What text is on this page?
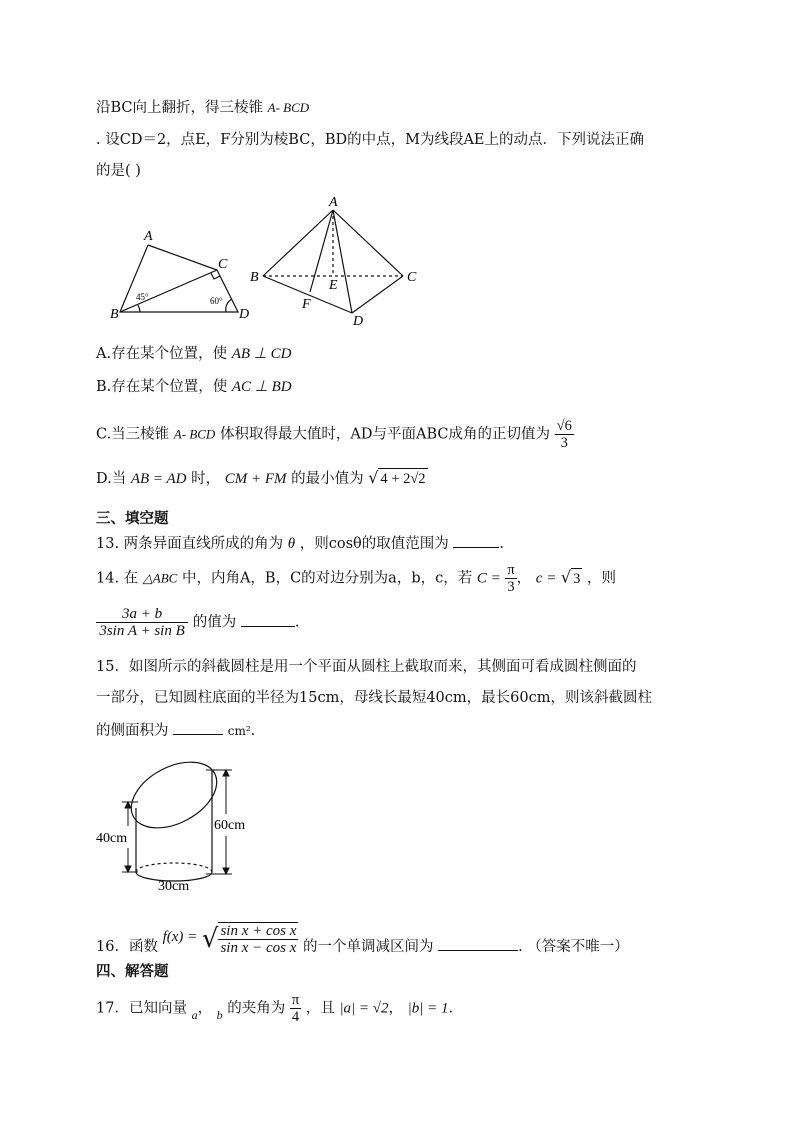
沿BC向上翻折，得三棱锥 A- BCD
. 设CD＝2，点E，F分别为棱BC，BD的中点，M为线段AE上的动点．下列说法正确
的是( )
A
B
C
D
45°	60°
A
B	C
D
E
F
A.存在某个位置，使 AB ⊥ CD
B.存在某个位置，使 AC ⊥ BD
C.当三棱锥 A- BCD 体积取得最大值时，AD与平面ABC成角的正切值为 $\frac{√6}{3}$
D.当 AB = AD 时， CM + FM 的最小值为 √ 4 + 2√2
三、填空题
13. 两条异面直线所成的角为 θ ，则cosθ的取值范围为	.
14. 在 △ABC 中，内角A，B，C的对边分别为a，b，c，若 $C = \frac{\pi}{3}$ ， c = √ 3 ，则
$\frac{3a + b}{\text{3sin A + sin B}}$ 的值为	.
15．如图所示的斜截圆柱是用一个平面从圆柱上截取而来，其侧面可看成圆柱侧面的
一部分，已知圆柱底面的半径为15cm，母线长最短40cm，最长60cm，则该斜截圆柱
的侧面积为	cm².
40cm
60cm
30cm
16．函数 f(x) = √ $\frac{\text{sin x + cos x}}{\text{sin x − cos x}}$ 的一个单调减区间为	. （答案不唯一）
四、解答题
17．已知向量 $_a$， $_b$ 的夹角为 $\frac{\pi}{4}$ ，且 |a| = √2， |b| = 1.
